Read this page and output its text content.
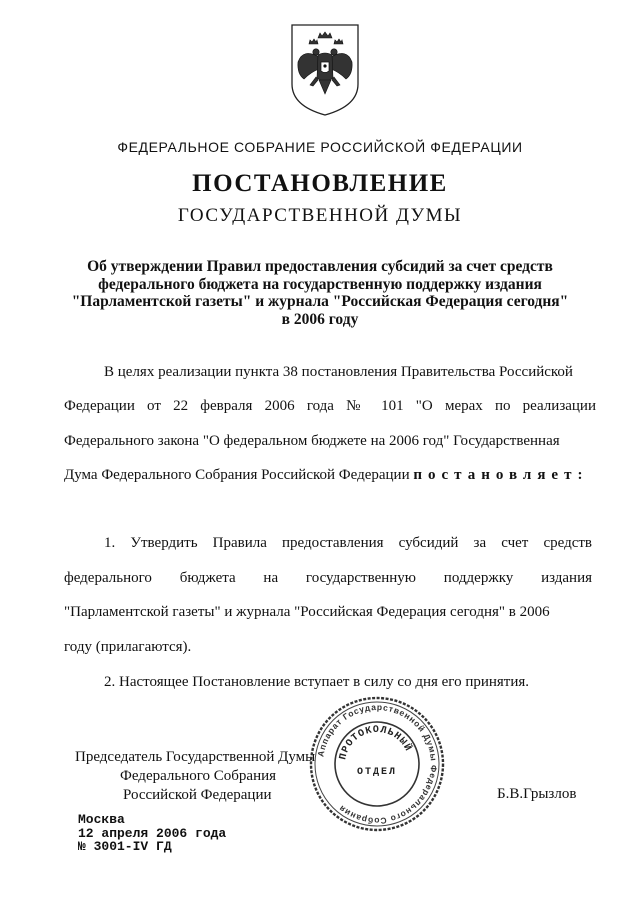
ФЕДЕРАЛЬНОЕ СОБРАНИЕ РОССИЙСКОЙ ФЕДЕРАЦИИ
ПОСТАНОВЛЕНИЕ
ГОСУДАРСТВЕННОЙ ДУМЫ
Об утверждении Правил предоставления субсидий за счет средств
федерального бюджета на государственную поддержку издания
"Парламентской газеты" и журнала "Российская Федерация сегодня"
в 2006 году
В целях реализации пункта 38 постановления Правительства Российской
Федерации от 22 февраля 2006 года № 101 "О мерах по реализации
Федерального закона "О федеральном бюджете на 2006 год" Государственная
Дума Федерального Собрания Российской Федерации постановляет:
1. Утвердить Правила предоставления субсидий за счет средств
федерального бюджета на государственную поддержку издания
"Парламентской газеты" и журнала "Российская Федерация сегодня" в 2006
году (прилагаются).
2. Настоящее Постановление вступает в силу со дня его принятия.
Председатель Государственной Думы
Федерального Собрания
Российской Федерации	Б.В.Грызлов
Аппарат Государственной Думы Федерального Собрания
ПРОТОКОЛЬНЫЙ
ОТДЕЛ
Москва
12 апреля 2006 года
№ 3001-IV ГД
